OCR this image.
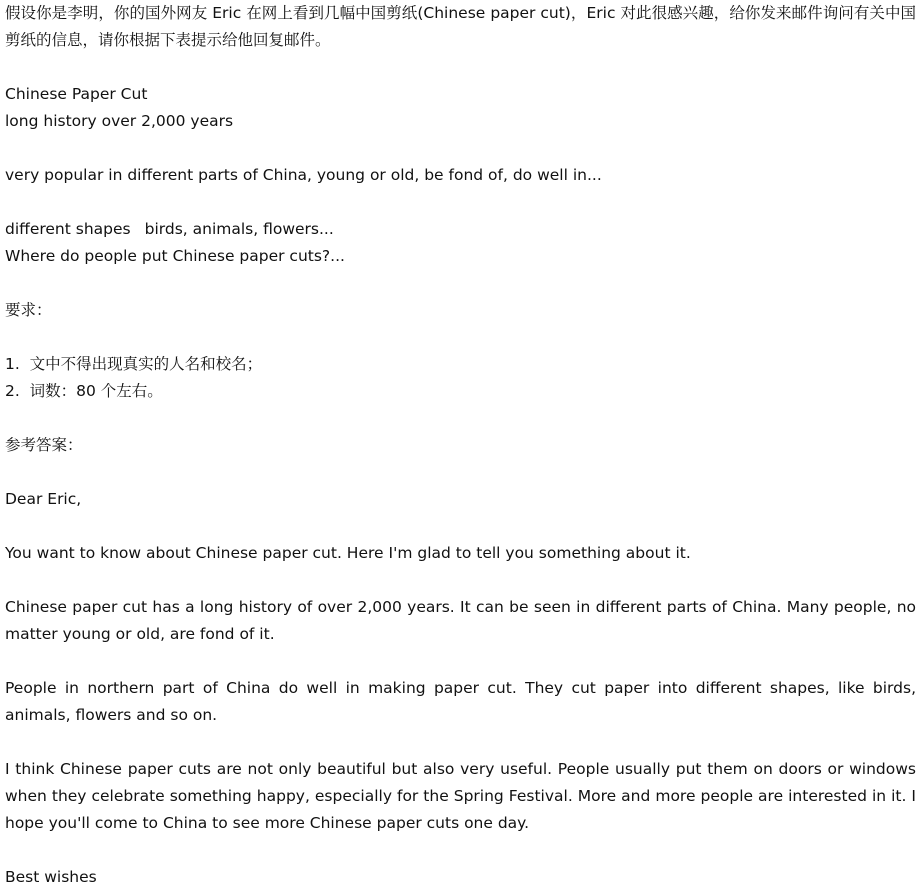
假设你是李明，你的国外网友 Eric 在网上看到几幅中国剪纸(Chinese paper cut)，Eric 对此很感兴趣，给你发来邮件询问有关中国剪纸的信息，请你根据下表提示给他回复邮件。

Chinese Paper Cut
long history over 2,000 years

very popular in different parts of China, young or old, be fond of, do well in...

different shapes birds, animals, flowers...
Where do people put Chinese paper cuts?...

要求：

1.  文中不得出现真实的人名和校名；
2.  词数：80 个左右。

参考答案：

Dear Eric,

You want to know about Chinese paper cut. Here I'm glad to tell you something about it.

Chinese paper cut has a long history of over 2,000 years. It can be seen in different parts of China. Many people, no matter young or old, are fond of it.

People in northern part of China do well in making paper cut. They cut paper into different shapes, like birds, animals, flowers and so on.

I think Chinese paper cuts are not only beautiful but also very useful. People usually put them on doors or windows when they celebrate something happy, especially for the Spring Festival. More and more people are interested in it. I hope you'll come to China to see more Chinese paper cuts one day.

Best wishes
